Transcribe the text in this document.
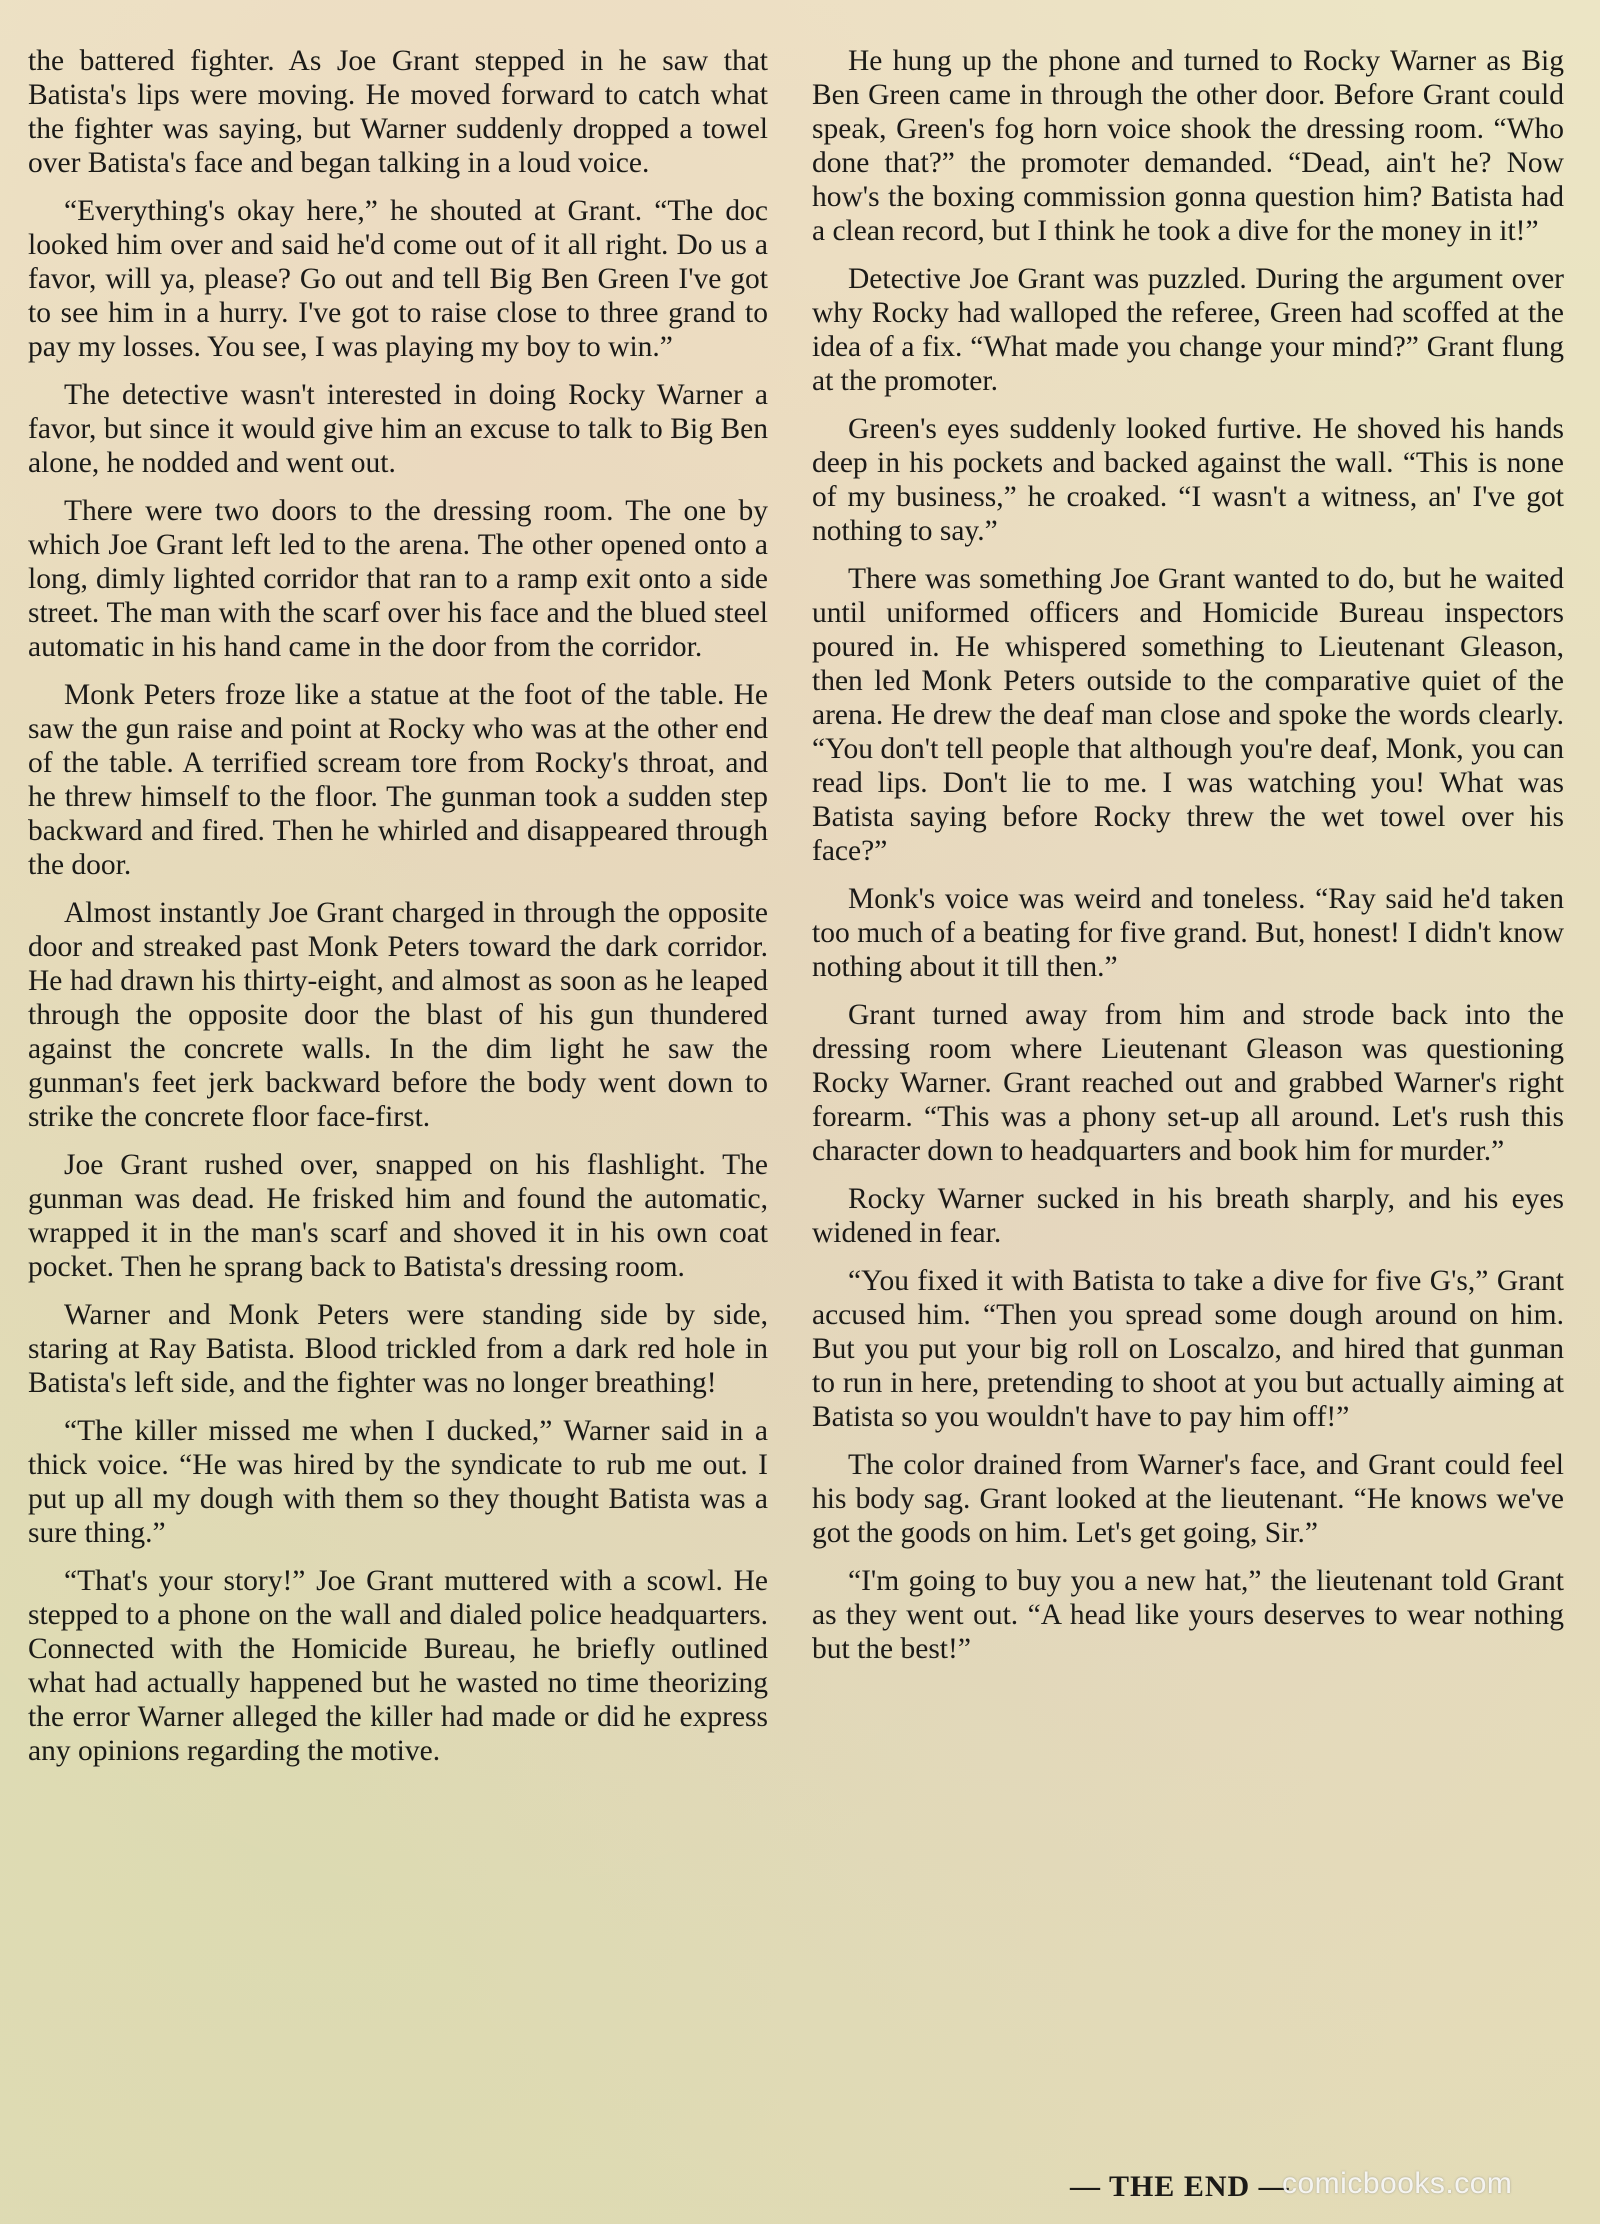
the battered fighter. As Joe Grant stepped in he saw that Batista's lips were moving. He moved forward to catch what the fighter was saying, but Warner suddenly dropped a towel over Batista's face and began talking in a loud voice.

“Everything's okay here,” he shouted at Grant. “The doc looked him over and said he'd come out of it all right. Do us a favor, will ya, please? Go out and tell Big Ben Green I've got to see him in a hurry. I've got to raise close to three grand to pay my losses. You see, I was playing my boy to win.”

The detective wasn't interested in doing Rocky Warner a favor, but since it would give him an excuse to talk to Big Ben alone, he nodded and went out.

There were two doors to the dressing room. The one by which Joe Grant left led to the arena. The other opened onto a long, dimly lighted corridor that ran to a ramp exit onto a side street. The man with the scarf over his face and the blued steel automatic in his hand came in the door from the corridor.

Monk Peters froze like a statue at the foot of the table. He saw the gun raise and point at Rocky who was at the other end of the table. A terrified scream tore from Rocky's throat, and he threw himself to the floor. The gunman took a sudden step backward and fired. Then he whirled and disappeared through the door.

Almost instantly Joe Grant charged in through the opposite door and streaked past Monk Peters toward the dark corridor. He had drawn his thirty-eight, and almost as soon as he leaped through the opposite door the blast of his gun thundered against the concrete walls. In the dim light he saw the gunman's feet jerk backward before the body went down to strike the concrete floor face-first.

Joe Grant rushed over, snapped on his flashlight. The gunman was dead. He frisked him and found the automatic, wrapped it in the man's scarf and shoved it in his own coat pocket. Then he sprang back to Batista's dressing room.

Warner and Monk Peters were standing side by side, staring at Ray Batista. Blood trickled from a dark red hole in Batista's left side, and the fighter was no longer breathing!

“The killer missed me when I ducked,” Warner said in a thick voice. “He was hired by the syndicate to rub me out. I put up all my dough with them so they thought Batista was a sure thing.”

“That's your story!” Joe Grant muttered with a scowl. He stepped to a phone on the wall and dialed police headquarters. Connected with the Homicide Bureau, he briefly outlined what had actually happened but he wasted no time theorizing the error Warner alleged the killer had made or did he express any opinions regarding the motive.

He hung up the phone and turned to Rocky Warner as Big Ben Green came in through the other door. Before Grant could speak, Green's fog horn voice shook the dressing room. “Who done that?” the promoter demanded. “Dead, ain't he? Now how's the boxing commission gonna question him? Batista had a clean record, but I think he took a dive for the money in it!”

Detective Joe Grant was puzzled. During the argument over why Rocky had walloped the referee, Green had scoffed at the idea of a fix. “What made you change your mind?” Grant flung at the promoter.

Green's eyes suddenly looked furtive. He shoved his hands deep in his pockets and backed against the wall. “This is none of my business,” he croaked. “I wasn't a witness, an' I've got nothing to say.”

There was something Joe Grant wanted to do, but he waited until uniformed officers and Homicide Bureau inspectors poured in. He whispered something to Lieutenant Gleason, then led Monk Peters outside to the comparative quiet of the arena. He drew the deaf man close and spoke the words clearly. “You don't tell people that although you're deaf, Monk, you can read lips. Don't lie to me. I was watching you! What was Batista saying before Rocky threw the wet towel over his face?”

Monk's voice was weird and toneless. “Ray said he'd taken too much of a beating for five grand. But, honest! I didn't know nothing about it till then.”

Grant turned away from him and strode back into the dressing room where Lieutenant Gleason was questioning Rocky Warner. Grant reached out and grabbed Warner's right forearm. “This was a phony set-up all around. Let's rush this character down to headquarters and book him for murder.”

Rocky Warner sucked in his breath sharply, and his eyes widened in fear.

“You fixed it with Batista to take a dive for five G's,” Grant accused him. “Then you spread some dough around on him. But you put your big roll on Loscalzo, and hired that gunman to run in here, pretending to shoot at you but actually aiming at Batista so you wouldn't have to pay him off!”

The color drained from Warner's face, and Grant could feel his body sag. Grant looked at the lieutenant. “He knows we've got the goods on him. Let's get going, Sir.”

“I'm going to buy you a new hat,” the lieutenant told Grant as they went out. “A head like yours deserves to wear nothing but the best!”

— THE END —
comicbooks.com
